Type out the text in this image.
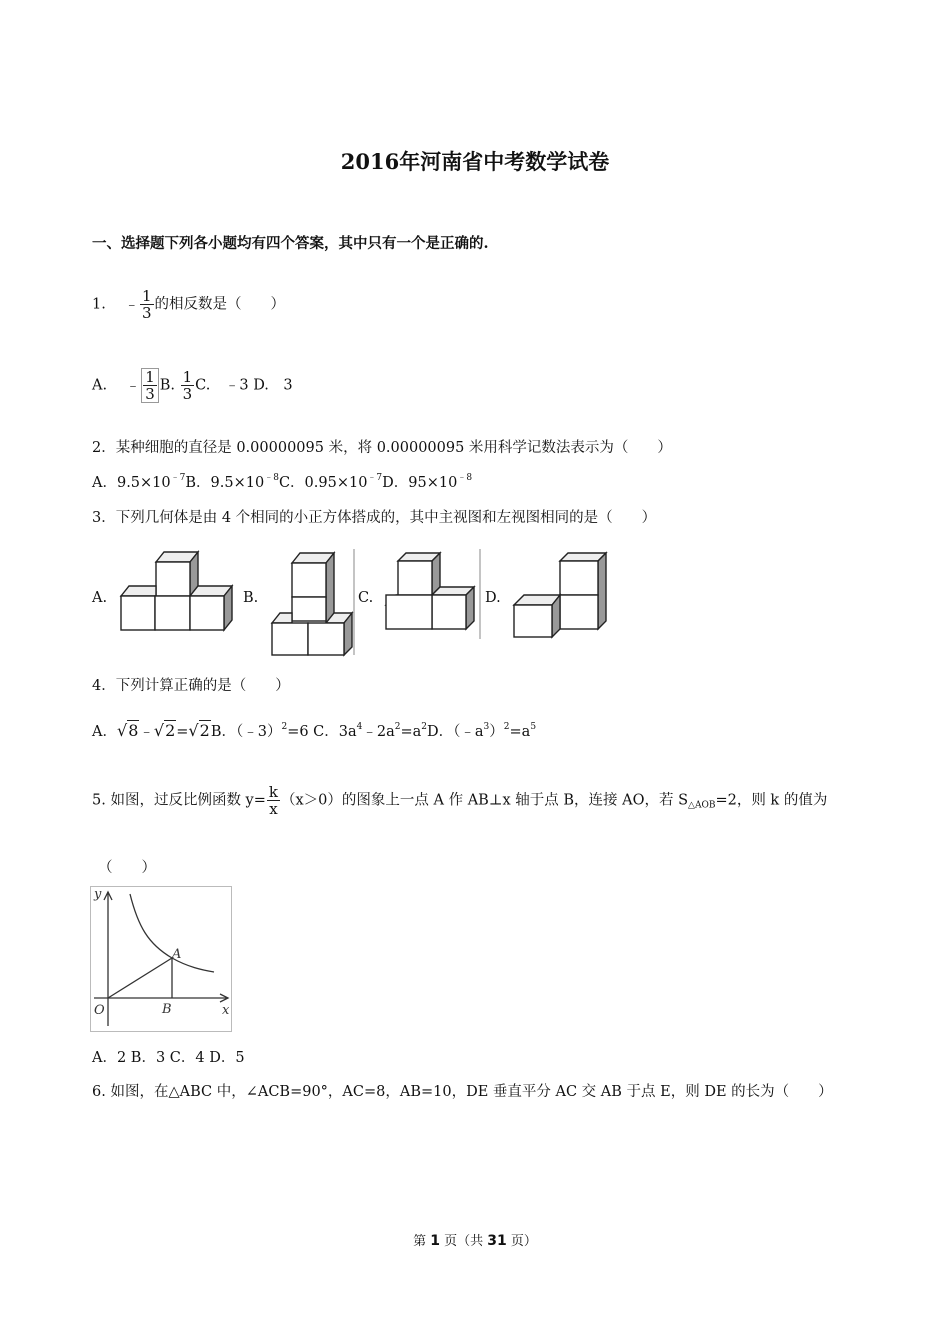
2016年河南省中考数学试卷
一、选择题下列各小题均有四个答案，其中只有一个是正确的.
1. ﹣ $\frac{1}{3}$ 的相反数是（　　）
A. ﹣ $\frac{1}{3} B$. $\frac{1}{3} C$.　﹣3 D.　3
2．某种细胞的直径是 0.00000095 米，将 0.00000095 米用科学记数法表示为（　　）
A．$9.5\times 10^{﹣7}B$．$9.5\times 10^{﹣8}C$．$0.95\times 10^{﹣7}D$．$95\times 10^{﹣8}$
3．下列几何体是由 4 个相同的小正方体搭成的，其中主视图和左视图相同的是（　　）
A.	B.	C.	D.
4．下列计算正确的是（　　）
A．√8﹣√2=√2B．（﹣3）$^2$=6 C．$3a^4﹣2a^2=a^2D$．$(﹣a^3)^2=a^5$
5. 如图，过反比例函数 $y= \frac{k}{x} (x>0)$的图象上一点 A 作 AB⊥x 轴于点 B，连接 AO，若 $S_{\triangle AOB}=2$，则 k 的值为
（　　）
y
x
O
A
B
A．2 B．3 C．4 D．5
6. 如图，在△ABC 中，∠ACB=90°，AC=8，AB=10，DE 垂直平分 AC 交 AB 于点 E，则 DE 的长为（　　）
第 1 页（共 31 页）
